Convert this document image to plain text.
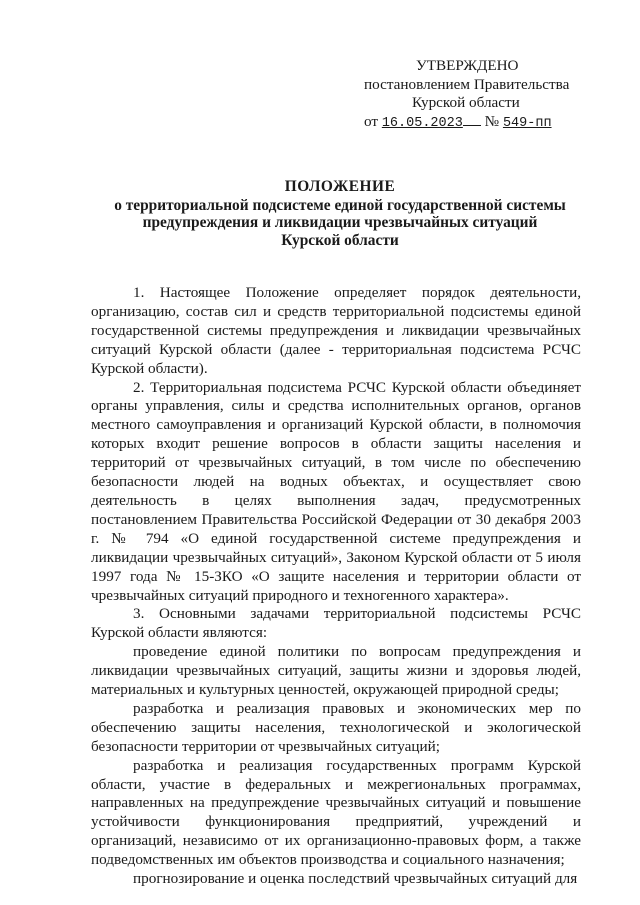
УТВЕРЖДЕНО
постановлением Правительства
Курской области
от 16.05.2023 № 549-пп
ПОЛОЖЕНИЕ
о территориальной подсистеме единой государственной системы
предупреждения и ликвидации чрезвычайных ситуаций
Курской области

1. Настоящее Положение определяет порядок деятельности, организацию, состав сил и средств территориальной подсистемы единой государственной системы предупреждения и ликвидации чрезвычайных ситуаций Курской области (далее - территориальная подсистема РСЧС Курской области).

2. Территориальная подсистема РСЧС Курской области объединяет органы управления, силы и средства исполнительных органов, органов местного самоуправления и организаций Курской области, в полномочия которых входит решение вопросов в области защиты населения и территорий от чрезвычайных ситуаций, в том числе по обеспечению безопасности людей на водных объектах, и осуществляет свою деятельность в целях выполнения задач, предусмотренных постановлением Правительства Российской Федерации от 30 декабря 2003 г. № 794 «О единой государственной системе предупреждения и ликвидации чрезвычайных ситуаций», Законом Курской области от 5 июля 1997 года № 15-ЗКО «О защите населения и территории области от чрезвычайных ситуаций природного и техногенного характера».

3. Основными задачами территориальной подсистемы РСЧС Курской области являются:

проведение единой политики по вопросам предупреждения и ликвидации чрезвычайных ситуаций, защиты жизни и здоровья людей, материальных и культурных ценностей, окружающей природной среды;

разработка и реализация правовых и экономических мер по обеспечению защиты населения, технологической и экологической безопасности территории от чрезвычайных ситуаций;

разработка и реализация государственных программ Курской области, участие в федеральных и межрегиональных программах, направленных на предупреждение чрезвычайных ситуаций и повышение устойчивости функционирования предприятий, учреждений и организаций, независимо от их организационно-правовых форм, а также подведомственных им объектов производства и социального назначения;

прогнозирование и оценка последствий чрезвычайных ситуаций для
